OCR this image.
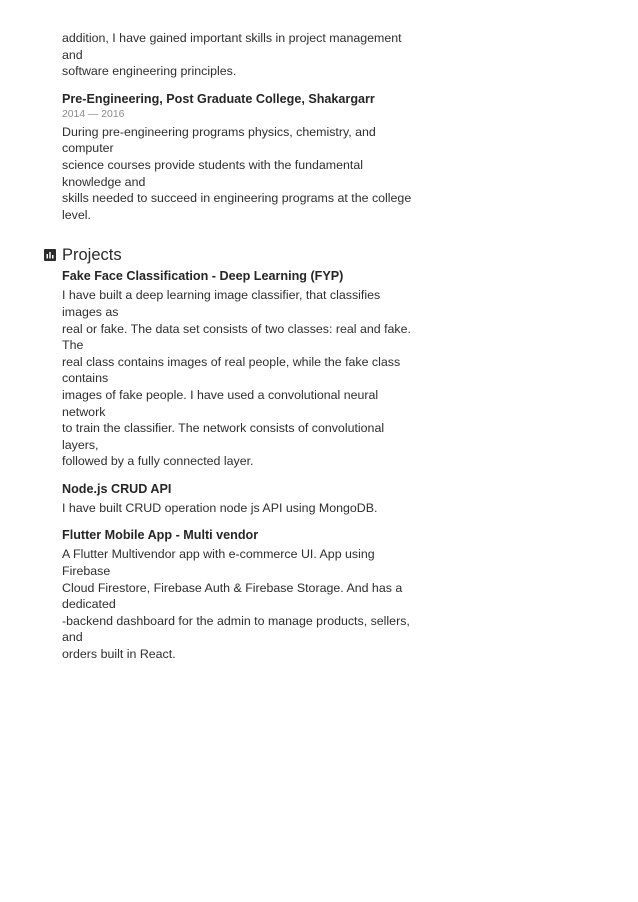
addition, I have gained important skills in project management and
software engineering principles.

Pre-Engineering, Post Graduate College, Shakargarr

2014 — 2016

During pre-engineering programs physics, chemistry, and computer
science courses provide students with the fundamental knowledge and
skills needed to succeed in engineering programs at the college level.

Projects

Fake Face Classification - Deep Learning (FYP)

I have built a deep learning image classifier, that classifies images as
real or fake. The data set consists of two classes: real and fake. The
real class contains images of real people, while the fake class contains
images of fake people. I have used a convolutional neural network
to train the classifier. The network consists of convolutional layers,
followed by a fully connected layer.

Node.js CRUD API

I have built CRUD operation node js API using MongoDB.

Flutter Mobile App - Multi vendor

A Flutter Multivendor app with e-commerce UI. App using Firebase
Cloud Firestore, Firebase Auth & Firebase Storage. And has a dedicated
-backend dashboard for the admin to manage products, sellers, and
orders built in React.
